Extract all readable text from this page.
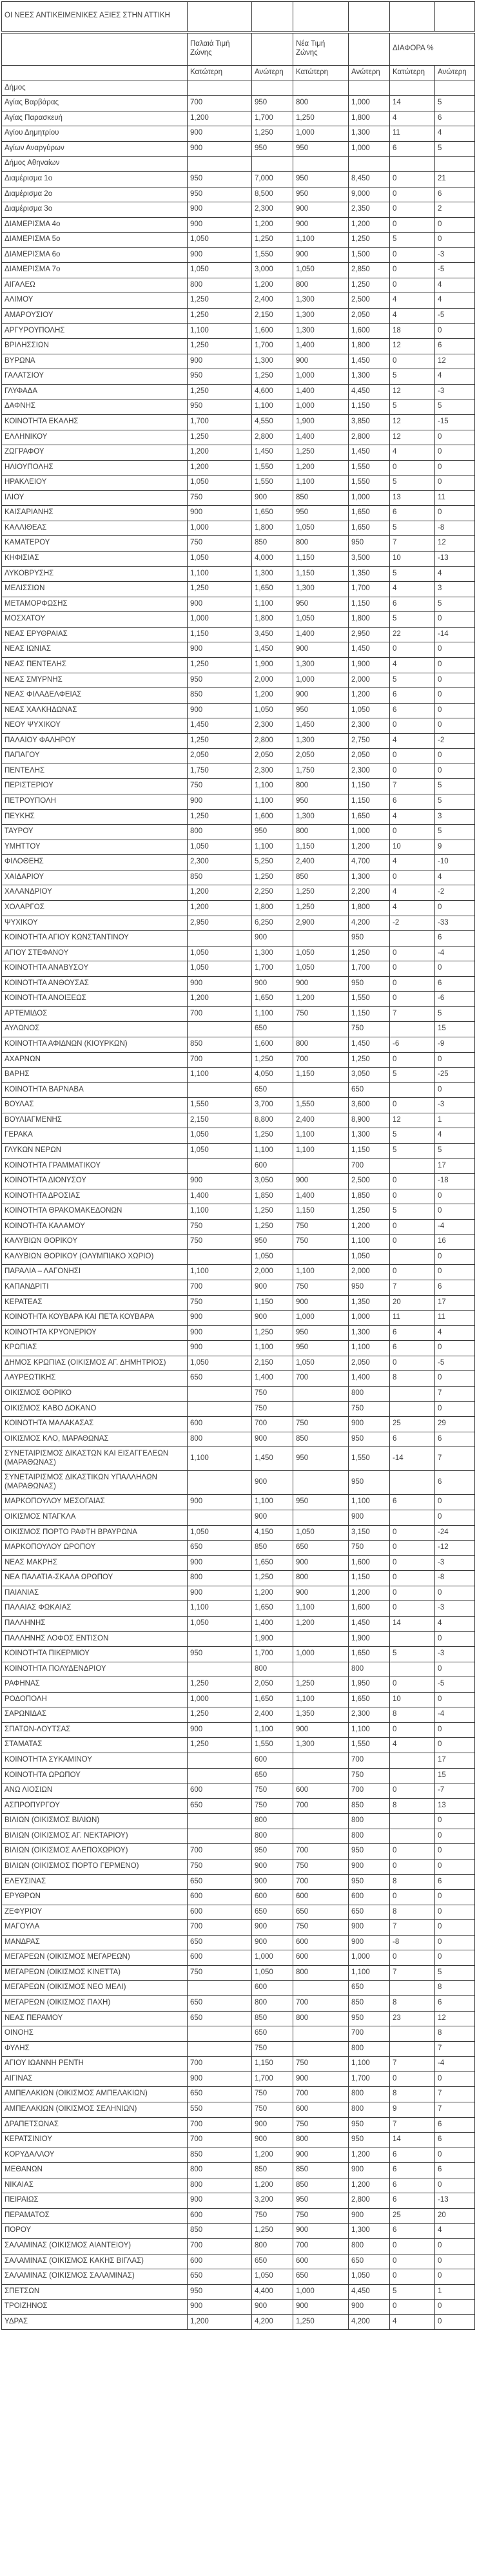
ΟΙ ΝΕΕΣ ΑΝΤΙΚΕΙΜΕΝΙΚΕΣ ΑΞΙΕΣ ΣΤΗΝ ΑΤΤΙΚΗ						
	Παλαιά Τιμή Ζώνης		Νέα Τιμή Ζώνης		ΔΙΑΦΟΡΑ %	
	Κατώτερη	Ανώτερη	Κατώτερη	Ανώτερη	Κατώτερη	Ανώτερη
Δήμος						
Αγίας Βαρβάρας	700	950	800	1,000	14	5
Αγίας Παρασκευή	1,200	1,700	1,250	1,800	4	6
Αγίου Δημητρίου	900	1,250	1,000	1,300	11	4
Αγίων Αναργύρων	900	950	950	1,000	6	5
Δήμος Αθηναίων						
Διαμέρισμα 1ο	950	7,000	950	8,450	0	21
Διαμέρισμα 2ο	950	8,500	950	9,000	0	6
Διαμέρισμα 3ο	900	2,300	900	2,350	0	2
ΔΙΑΜΕΡΙΣΜΑ 4ο	900	1,200	900	1,200	0	0
ΔΙΑΜΕΡΙΣΜΑ 5ο	1,050	1,250	1,100	1,250	5	0
ΔΙΑΜΕΡΙΣΜΑ 6ο	900	1,550	900	1,500	0	-3
ΔΙΑΜΕΡΙΣΜΑ 7ο	1,050	3,000	1,050	2,850	0	-5
ΑΙΓΑΛΕΩ	800	1,200	800	1,250	0	4
ΑΛΙΜΟΥ	1,250	2,400	1,300	2,500	4	4
ΑΜΑΡΟΥΣΙΟΥ	1,250	2,150	1,300	2,050	4	-5
ΑΡΓΥΡΟΥΠΟΛΗΣ	1,100	1,600	1,300	1,600	18	0
ΒΡΙΛΗΣΣΙΩΝ	1,250	1,700	1,400	1,800	12	6
ΒΥΡΩΝΑ	900	1,300	900	1,450	0	12
ΓΑΛΑΤΣΙΟΥ	950	1,250	1,000	1,300	5	4
ΓΛΥΦΑΔΑ	1,250	4,600	1,400	4,450	12	-3
ΔΑΦΝΗΣ	950	1,100	1,000	1,150	5	5
ΚΟΙΝΟΤΗΤΑ ΕΚΑΛΗΣ	1,700	4,550	1,900	3,850	12	-15
ΕΛΛΗΝΙΚΟΥ	1,250	2,800	1,400	2,800	12	0
ΖΩΓΡΑΦΟΥ	1,200	1,450	1,250	1,450	4	0
ΗΛΙΟΥΠΟΛΗΣ	1,200	1,550	1,200	1,550	0	0
ΗΡΑΚΛΕΙΟΥ	1,050	1,550	1,100	1,550	5	0
ΙΛΙΟΥ	750	900	850	1,000	13	11
ΚΑΙΣΑΡΙΑΝΗΣ	900	1,650	950	1,650	6	0
ΚΑΛΛΙΘΕΑΣ	1,000	1,800	1,050	1,650	5	-8
ΚΑΜΑΤΕΡΟΥ	750	850	800	950	7	12
ΚΗΦΙΣΙΑΣ	1,050	4,000	1,150	3,500	10	-13
ΛΥΚΟΒΡΥΣΗΣ	1,100	1,300	1,150	1,350	5	4
ΜΕΛΙΣΣΙΩΝ	1,250	1,650	1,300	1,700	4	3
ΜΕΤΑΜΟΡΦΩΣΗΣ	900	1,100	950	1,150	6	5
ΜΟΣΧΑΤΟΥ	1,000	1,800	1,050	1,800	5	0
ΝΕΑΣ ΕΡΥΘΡΑΙΑΣ	1,150	3,450	1,400	2,950	22	-14
ΝΕΑΣ ΙΩΝΙΑΣ	900	1,450	900	1,450	0	0
ΝΕΑΣ ΠΕΝΤΕΛΗΣ	1,250	1,900	1,300	1,900	4	0
ΝΕΑΣ ΣΜΥΡΝΗΣ	950	2,000	1,000	2,000	5	0
ΝΕΑΣ ΦΙΛΑΔΕΛΦΕΙΑΣ	850	1,200	900	1,200	6	0
ΝΕΑΣ ΧΑΛΚΗΔΩΝΑΣ	900	1,050	950	1,050	6	0
ΝΕΟΥ ΨΥΧΙΚΟΥ	1,450	2,300	1,450	2,300	0	0
ΠΑΛΑΙΟΥ ΦΑΛΗΡΟΥ	1,250	2,800	1,300	2,750	4	-2
ΠΑΠΑΓΟΥ	2,050	2,050	2,050	2,050	0	0
ΠΕΝΤΕΛΗΣ	1,750	2,300	1,750	2,300	0	0
ΠΕΡΙΣΤΕΡΙΟΥ	750	1,100	800	1,150	7	5
ΠΕΤΡΟΥΠΟΛΗ	900	1,100	950	1,150	6	5
ΠΕΥΚΗΣ	1,250	1,600	1,300	1,650	4	3
ΤΑΥΡΟΥ	800	950	800	1,000	0	5
ΥΜΗΤΤΟΥ	1,050	1,100	1,150	1,200	10	9
ΦΙΛΟΘΕΗΣ	2,300	5,250	2,400	4,700	4	-10
ΧΑΙΔΑΡΙΟΥ	850	1,250	850	1,300	0	4
ΧΑΛΑΝΔΡΙΟΥ	1,200	2,250	1,250	2,200	4	-2
ΧΟΛΑΡΓΟΣ	1,200	1,800	1,250	1,800	4	0
ΨΥΧΙΚΟΥ	2,950	6,250	2,900	4,200	-2	-33
ΚΟΙΝΟΤΗΤΑ ΑΓΙΟΥ ΚΩΝΣΤΑΝΤΙΝΟΥ		900		950		6
ΑΓΙΟΥ ΣΤΕΦΑΝΟΥ	1,050	1,300	1,050	1,250	0	-4
ΚΟΙΝΟΤΗΤΑ ΑΝΑΒΥΣΟΥ	1,050	1,700	1,050	1,700	0	0
ΚΟΙΝΟΤΗΤΑ ΑΝΘΟΥΣΑΣ	900	900	900	950	0	6
ΚΟΙΝΟΤΗΤΑ ΑΝΟΙΞΕΩΣ	1,200	1,650	1,200	1,550	0	-6
ΑΡΤΕΜΙΔΟΣ	700	1,100	750	1,150	7	5
ΑΥΛΩΝΟΣ		650		750		15
ΚΟΙΝΟΤΗΤΑ ΑΦΙΔΝΩΝ (ΚΙΟΥΡΚΩΝ)	850	1,600	800	1,450	-6	-9
ΑΧΑΡΝΩΝ	700	1,250	700	1,250	0	0
ΒΑΡΗΣ	1,100	4,050	1,150	3,050	5	-25
ΚΟΙΝΟΤΗΤΑ ΒΑΡΝΑΒΑ		650		650		0
ΒΟΥΛΑΣ	1,550	3,700	1,550	3,600	0	-3
ΒΟΥΛΙΑΓΜΕΝΗΣ	2,150	8,800	2,400	8,900	12	1
ΓΕΡΑΚΑ	1,050	1,250	1,100	1,300	5	4
ΓΛΥΚΩΝ ΝΕΡΩΝ	1,050	1,100	1,100	1,150	5	5
ΚΟΙΝΟΤΗΤΑ ΓΡΑΜΜΑΤΙΚΟΥ		600		700		17
ΚΟΙΝΟΤΗΤΑ ΔΙΟΝΥΣΟΥ	900	3,050	900	2,500	0	-18
ΚΟΙΝΟΤΗΤΑ ΔΡΟΣΙΑΣ	1,400	1,850	1,400	1,850	0	0
ΚΟΙΝΟΤΗΤΑ ΘΡΑΚΟΜΑΚΕΔΟΝΩΝ	1,100	1,250	1,150	1,250	5	0
ΚΟΙΝΟΤΗΤΑ ΚΑΛΑΜΟΥ	750	1,250	750	1,200	0	-4
ΚΑΛΥΒΙΩΝ ΘΟΡΙΚΟΥ	750	950	750	1,100	0	16
ΚΑΛΥΒΙΩΝ ΘΟΡΙΚΟΥ (ΟΛΥΜΠΙΑΚΟ ΧΩΡΙΟ)		1,050		1,050		0
ΠΑΡΑΛΙΑ – ΛΑΓΟΝΗΣΙ	1,100	2,000	1,100	2,000	0	0
ΚΑΠΑΝΔΡΙΤΙ	700	900	750	950	7	6
ΚΕΡΑΤΕΑΣ	750	1,150	900	1,350	20	17
ΚΟΙΝΟΤΗΤΑ ΚΟΥΒΑΡΑ ΚΑΙ ΠΕΤΑ ΚΟΥΒΑΡΑ	900	900	1,000	1,000	11	11
ΚΟΙΝΟΤΗΤΑ ΚΡΥΟΝΕΡΙΟΥ	900	1,250	950	1,300	6	4
ΚΡΩΠΙΑΣ	900	1,100	950	1,100	6	0
ΔΗΜΟΣ ΚΡΩΠΙΑΣ (ΟΙΚΙΣΜΟΣ ΑΓ. ΔΗΜΗΤΡΙΟΣ)	1,050	2,150	1,050	2,050	0	-5
ΛΑΥΡΕΩΤΙΚΗΣ	650	1,400	700	1,400	8	0
ΟΙΚΙΣΜΟΣ ΘΟΡΙΚΟ		750		800		7
ΟΙΚΙΣΜΟΣ ΚΑΒΟ ΔΟΚΑΝΟ		750		750		0
ΚΟΙΝΟΤΗΤΑ ΜΑΛΑΚΑΣΑΣ	600	700	750	900	25	29
ΟΙΚΙΣΜΟΣ ΚΛΟ, ΜΑΡΑΘΩΝΑΣ	800	900	850	950	6	6
ΣΥΝΕΤΑΙΡΙΣΜΟΣ ΔΙΚΑΣΤΩΝ ΚΑΙ ΕΙΣΑΓΓΕΛΕΩΝ (ΜΑΡΑΘΩΝΑΣ)	1,100	1,450	950	1,550	-14	7
ΣΥΝΕΤΑΙΡΙΣΜΟΣ ΔΙΚΑΣΤΙΚΩΝ ΥΠΑΛΛΗΛΩΝ (ΜΑΡΑΘΩΝΑΣ)		900		950		6
ΜΑΡΚΟΠΟΥΛΟΥ ΜΕΣΟΓΑΙΑΣ	900	1,100	950	1,100	6	0
ΟΙΚΙΣΜΟΣ ΝΤΑΓΚΛΑ		900		900		0
ΟΙΚΙΣΜΟΣ ΠΟΡΤΟ ΡΑΦΤΗ ΒΡΑΥΡΩΝΑ	1,050	4,150	1,050	3,150	0	-24
ΜΑΡΚΟΠΟΥΛΟΥ ΩΡΟΠΟΥ	650	850	650	750	0	-12
ΝΕΑΣ ΜΑΚΡΗΣ	900	1,650	900	1,600	0	-3
ΝΕΑ ΠΑΛΑΤΙΑ-ΣΚΑΛΑ ΩΡΩΠΟΥ	800	1,250	800	1,150	0	-8
ΠΑΙΑΝΙΑΣ	900	1,200	900	1,200	0	0
ΠΑΛΑΙΑΣ ΦΩΚΑΙΑΣ	1,100	1,650	1,100	1,600	0	-3
ΠΑΛΛΗΝΗΣ	1,050	1,400	1,200	1,450	14	4
ΠΑΛΛΗΝΗΣ ΛΟΦΟΣ ΕΝΤΙΣΟΝ		1,900		1,900		0
ΚΟΙΝΟΤΗΤΑ ΠΙΚΕΡΜΙΟΥ	950	1,700	1,000	1,650	5	-3
ΚΟΙΝΟΤΗΤΑ ΠΟΛΥΔΕΝΔΡΙΟΥ		800		800		0
ΡΑΦΗΝΑΣ	1,250	2,050	1,250	1,950	0	-5
ΡΟΔΟΠΟΛΗ	1,000	1,650	1,100	1,650	10	0
ΣΑΡΩΝΙΔΑΣ	1,250	2,400	1,350	2,300	8	-4
ΣΠΑΤΩΝ-ΛΟΥΤΣΑΣ	900	1,100	900	1,100	0	0
ΣΤΑΜΑΤΑΣ	1,250	1,550	1,300	1,550	4	0
ΚΟΙΝΟΤΗΤΑ ΣΥΚΑΜΙΝΟΥ		600		700		17
ΚΟΙΝΟΤΗΤΑ ΩΡΩΠΟΥ		650		750		15
ΑΝΩ ΛΙΟΣΙΩΝ	600	750	600	700	0	-7
ΑΣΠΡΟΠΥΡΓΟΥ	650	750	700	850	8	13
ΒΙΛΙΩΝ (ΟΙΚΙΣΜΟΣ ΒΙΛΙΩΝ)		800		800		0
ΒΙΛΙΩΝ (ΟΙΚΙΣΜΟΣ ΑΓ. ΝΕΚΤΑΡΙΟΥ)		800		800		0
ΒΙΛΙΩΝ (ΟΙΚΙΣΜΟΣ ΑΛΕΠΟΧΩΡΙΟΥ)	700	950	700	950	0	0
ΒΙΛΙΩΝ (ΟΙΚΙΣΜΟΣ ΠΟΡΤΟ ΓΕΡΜΕΝΟ)	750	900	750	900	0	0
ΕΛΕΥΣΙΝΑΣ	650	900	700	950	8	6
ΕΡΥΘΡΩΝ	600	600	600	600	0	0
ΖΕΦΥΡΙΟΥ	600	650	650	650	8	0
ΜΑΓΟΥΛΑ	700	900	750	900	7	0
ΜΑΝΔΡΑΣ	650	900	600	900	-8	0
ΜΕΓΑΡΕΩΝ (ΟΙΚΙΣΜΟΣ ΜΕΓΑΡΕΩΝ)	600	1,000	600	1,000	0	0
ΜΕΓΑΡΕΩΝ (ΟΙΚΙΣΜΟΣ ΚΙΝΕΤΤΑ)	750	1,050	800	1,100	7	5
ΜΕΓΑΡΕΩΝ (ΟΙΚΙΣΜΟΣ ΝΕΟ ΜΕΛΙ)		600		650		8
ΜΕΓΑΡΕΩΝ (ΟΙΚΙΣΜΟΣ ΠΑΧΗ)	650	800	700	850	8	6
ΝΕΑΣ ΠΕΡΑΜΟΥ	650	850	800	950	23	12
ΟΙΝΟΗΣ		650		700		8
ΦΥΛΗΣ		750		800		7
ΑΓΙΟΥ ΙΩΑΝΝΗ ΡΕΝΤΗ	700	1,150	750	1,100	7	-4
ΑΙΓΙΝΑΣ	900	1,700	900	1,700	0	0
ΑΜΠΕΛΑΚΙΩΝ (ΟΙΚΙΣΜΟΣ ΑΜΠΕΛΑΚΙΩΝ)	650	750	700	800	8	7
ΑΜΠΕΛΑΚΙΩΝ (ΟΙΚΙΣΜΟΣ ΣΕΛΗΝΙΩΝ)	550	750	600	800	9	7
ΔΡΑΠΕΤΣΩΝΑΣ	700	900	750	950	7	6
ΚΕΡΑΤΣΙΝΙΟΥ	700	900	800	950	14	6
ΚΟΡΥΔΑΛΛΟΥ	850	1,200	900	1,200	6	0
ΜΕΘΑΝΩΝ	800	850	850	900	6	6
ΝΙΚΑΙΑΣ	800	1,200	850	1,200	6	0
ΠΕΙΡΑΙΩΣ	900	3,200	950	2,800	6	-13
ΠΕΡΑΜΑΤΟΣ	600	750	750	900	25	20
ΠΟΡΟΥ	850	1,250	900	1,300	6	4
ΣΑΛΑΜΙΝΑΣ (ΟΙΚΙΣΜΟΣ ΑΙΑΝΤΕΙΟΥ)	700	800	700	800	0	0
ΣΑΛΑΜΙΝΑΣ (ΟΙΚΙΣΜΟΣ ΚΑΚΗΣ ΒΙΓΛΑΣ)	600	650	600	650	0	0
ΣΑΛΑΜΙΝΑΣ (ΟΙΚΙΣΜΟΣ ΣΑΛΑΜΙΝΑΣ)	650	1,050	650	1,050	0	0
ΣΠΕΤΣΩΝ	950	4,400	1,000	4,450	5	1
ΤΡΟΙΖΗΝΟΣ	900	900	900	900	0	0
ΥΔΡΑΣ	1,200	4,200	1,250	4,200	4	0
